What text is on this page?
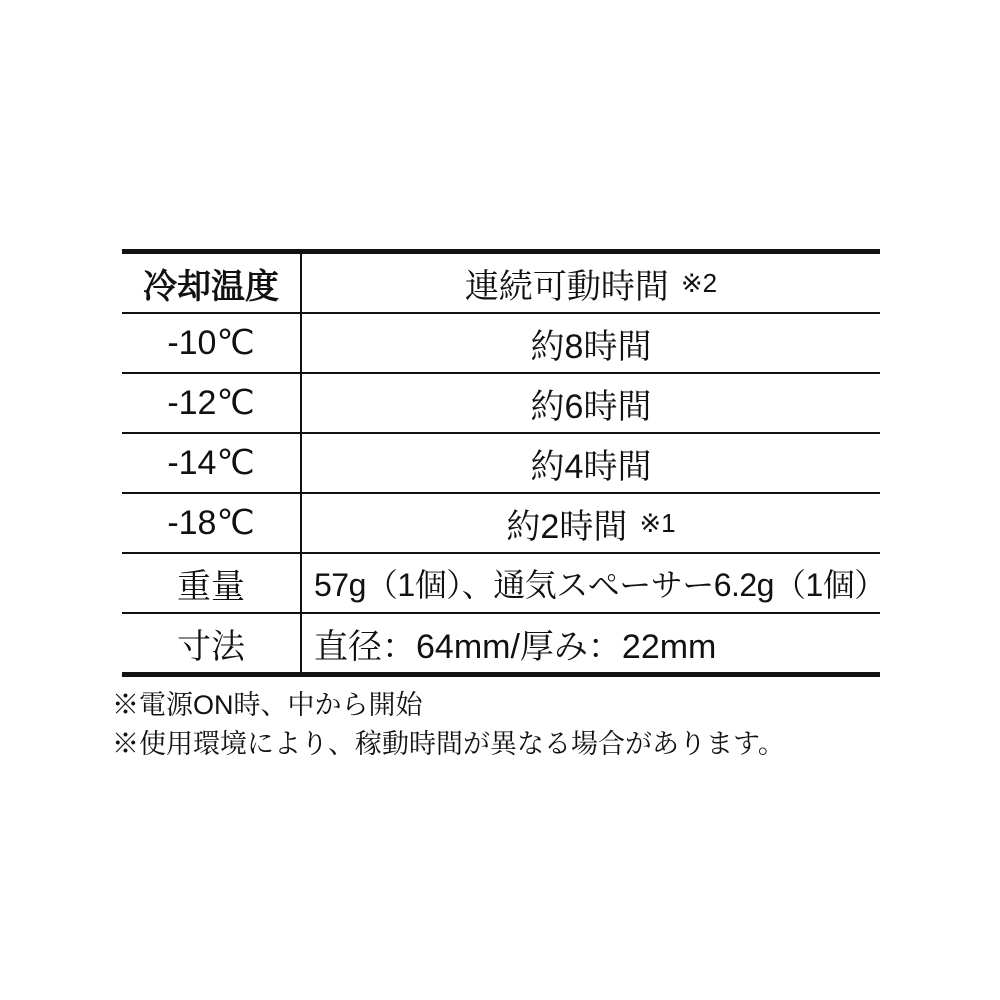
冷却温度	連続可動時間 ※2
-10℃	約8時間
-12℃	約6時間
-14℃	約4時間
-18℃	約2時間 ※1
重量	57g（1個）、通気スペーサー6.2g（1個）
寸法	直径：64mm/厚み：22mm
※電源ON時、中から開始
※使用環境により、稼動時間が異なる場合があります。
